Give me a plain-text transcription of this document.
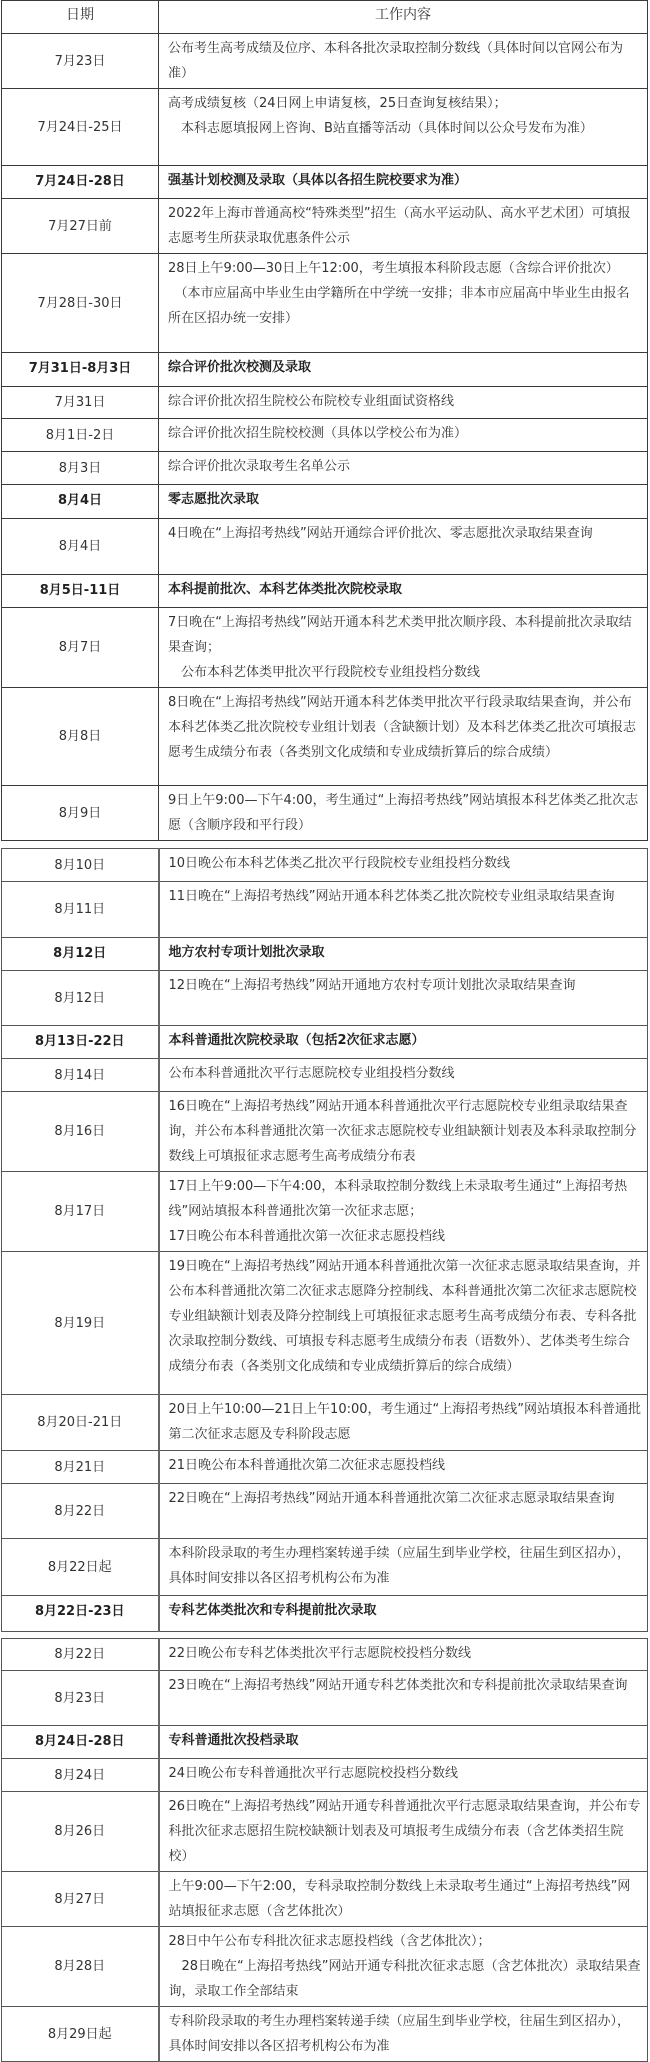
日期	工作内容
7月23日	公布考生高考成绩及位序、本科各批次录取控制分数线（具体时间以官网公布为准）

7月24日-25日	高考成绩复核（24日网上申请复核，25日查询复核结果）；
　本科志愿填报网上咨询、B站直播等活动（具体时间以公众号发布为准）

7月24日-28日	强基计划校测及录取（具体以各招生院校要求为准）

7月27日前	2022年上海市普通高校“特殊类型”招生（高水平运动队、高水平艺术团）可填报志愿考生所获录取优惠条件公示

7月28日-30日	28日上午9:00—30日上午12:00，考生填报本科阶段志愿（含综合评价批次）
　（本市应届高中毕业生由学籍所在中学统一安排；非本市应届高中毕业生由报名所在区招办统一安排）

7月31日-8月3日	综合评价批次校测及录取

7月31日	综合评价批次招生院校公布院校专业组面试资格线

8月1日-2日	综合评价批次招生院校校测（具体以学校公布为准）

8月3日	综合评价批次录取考生名单公示

8月4日	零志愿批次录取

8月4日	4日晚在“上海招考热线”网站开通综合评价批次、零志愿批次录取结果查询

8月5日-11日	本科提前批次、本科艺体类批次院校录取

8月7日	7日晚在“上海招考热线”网站开通本科艺术类甲批次顺序段、本科提前批次录取结果查询；
　公布本科艺体类甲批次平行段院校专业组投档分数线

8月8日	8日晚在“上海招考热线”网站开通本科艺体类甲批次平行段录取结果查询，并公布本科艺体类乙批次院校专业组计划表（含缺额计划）及本科艺体类乙批次可填报志愿考生成绩分布表（各类别文化成绩和专业成绩折算后的综合成绩）

8月9日	9日上午9:00—下午4:00，考生通过“上海招考热线”网站填报本科艺体类乙批次志愿（含顺序段和平行段）
8月10日	10日晚公布本科艺体类乙批次平行段院校专业组投档分数线

8月11日	11日晚在“上海招考热线”网站开通本科艺体类乙批次院校专业组录取结果查询

8月12日	地方农村专项计划批次录取

8月12日	12日晚在“上海招考热线”网站开通地方农村专项计划批次录取结果查询

8月13日-22日	本科普通批次院校录取（包括2次征求志愿）

8月14日	公布本科普通批次平行志愿院校专业组投档分数线

8月16日	16日晚在“上海招考热线”网站开通本科普通批次平行志愿院校专业组录取结果查询，并公布本科普通批次第一次征求志愿院校专业组缺额计划表及本科录取控制分数线上可填报征求志愿考生高考成绩分布表

8月17日	17日上午9:00—下午4:00，本科录取控制分数线上未录取考生通过“上海招考热线”网站填报本科普通批次第一次征求志愿；
17日晚公布本科普通批次第一次征求志愿投档线

8月19日	19日晚在“上海招考热线”网站开通本科普通批次第一次征求志愿录取结果查询，并公布本科普通批次第二次征求志愿降分控制线、本科普通批次第二次征求志愿院校专业组缺额计划表及降分控制线上可填报征求志愿考生高考成绩分布表、专科各批次录取控制分数线、可填报专科志愿考生成绩分布表（语数外）、艺体类考生综合成绩分布表（各类别文化成绩和专业成绩折算后的综合成绩）

8月20日-21日	20日上午10:00—21日上午10:00，考生通过“上海招考热线”网站填报本科普通批第二次征求志愿及专科阶段志愿

8月21日	21日晚公布本科普通批次第二次征求志愿投档线

8月22日	22日晚在“上海招考热线”网站开通本科普通批次第二次征求志愿录取结果查询

8月22日起	本科阶段录取的考生办理档案转递手续（应届生到毕业学校，往届生到区招办），具体时间安排以各区招考机构公布为准

8月22日-23日	专科艺体类批次和专科提前批次录取
8月22日	22日晚公布专科艺体类批次平行志愿院校投档分数线

8月23日	23日晚在“上海招考热线”网站开通专科艺体类批次和专科提前批次录取结果查询

8月24日-28日	专科普通批次投档录取

8月24日	24日晚公布专科普通批次平行志愿院校投档分数线

8月26日	26日晚在“上海招考热线”网站开通专科普通批次平行志愿录取结果查询，并公布专科批次征求志愿招生院校缺额计划表及可填报考生成绩分布表（含艺体类招生院校）

8月27日	上午9:00—下午2:00，专科录取控制分数线上未录取考生通过“上海招考热线”网站填报征求志愿（含艺体批次）

8月28日	28日中午公布专科批次征求志愿投档线（含艺体批次）；
　28日晚在“上海招考热线”网站开通专科批次征求志愿（含艺体批次）录取结果查询，录取工作全部结束

8月29日起	专科阶段录取的考生办理档案转递手续（应届生到毕业学校，往届生到区招办），具体时间安排以各区招考机构公布为准
